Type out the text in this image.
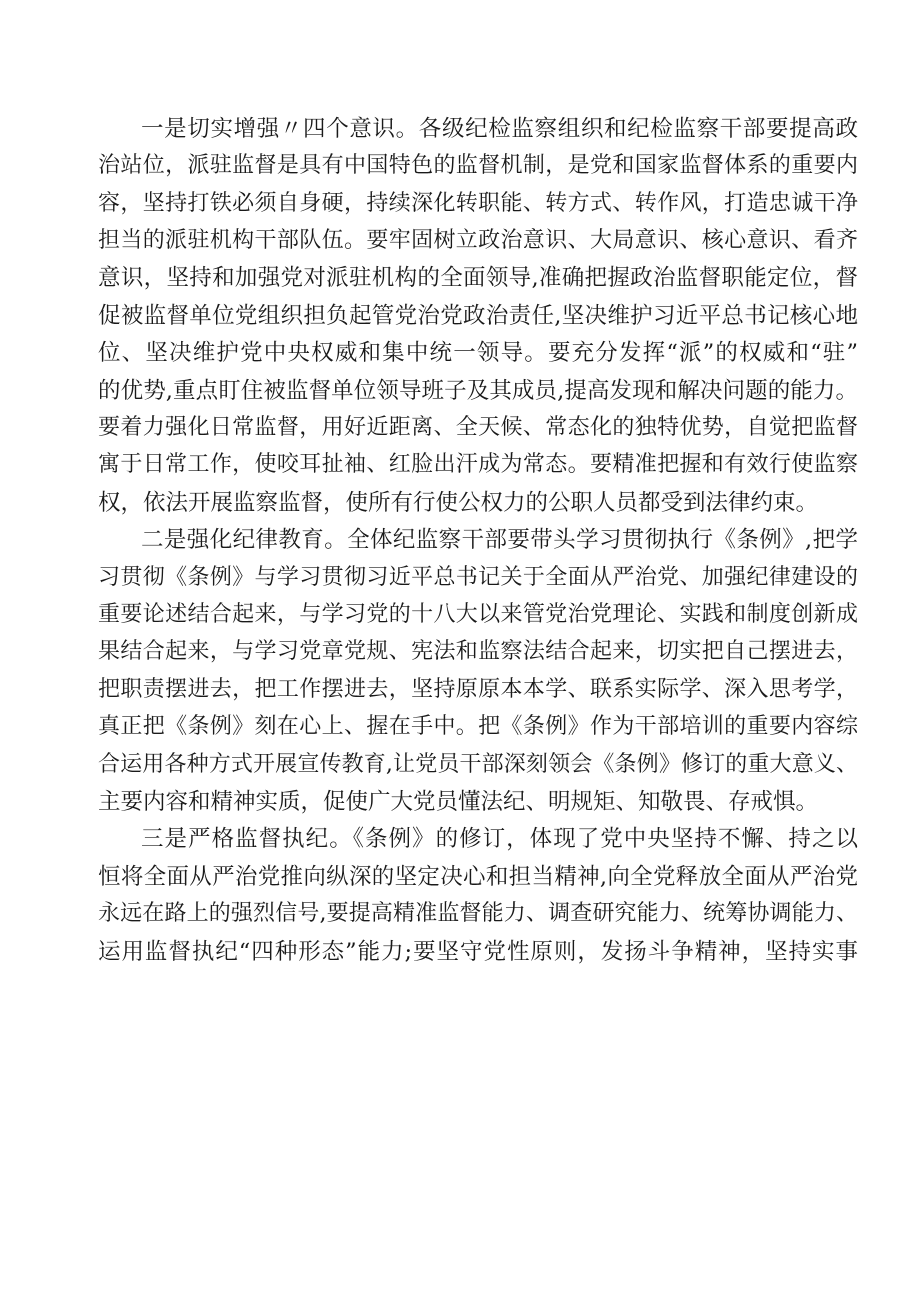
一是切实增强〃四个意识。各级纪检监察组织和纪检监察干部要提高政
治站位，派驻监督是具有中国特色的监督机制，是党和国家监督体系的重要内
容，坚持打铁必须自身硬，持续深化转职能、转方式、转作风，打造忠诚干净
担当的派驻机构干部队伍。要牢固树立政治意识、大局意识、核心意识、看齐
意识，坚持和加强党对派驻机构的全面领导,准确把握政治监督职能定位，督
促被监督单位党组织担负起管党治党政治责任,坚决维护习近平总书记核心地
位、坚决维护党中央权威和集中统一领导。要充分发挥“派”的权威和“驻”
的优势,重点盯住被监督单位领导班子及其成员,提高发现和解决问题的能力。
要着力强化日常监督，用好近距离、全天候、常态化的独特优势，自觉把监督
寓于日常工作，使咬耳扯袖、红脸出汗成为常态。要精准把握和有效行使监察
权，依法开展监察监督，使所有行使公权力的公职人员都受到法律约束。
二是强化纪律教育。全体纪监察干部要带头学习贯彻执行《条例》,把学
习贯彻《条例》与学习贯彻习近平总书记关于全面从严治党、加强纪律建设的
重要论述结合起来，与学习党的十八大以来管党治党理论、实践和制度创新成
果结合起来，与学习党章党规、宪法和监察法结合起来，切实把自己摆进去，
把职责摆进去，把工作摆进去，坚持原原本本学、联系实际学、深入思考学，
真正把《条例》刻在心上、握在手中。把《条例》作为干部培训的重要内容综
合运用各种方式开展宣传教育,让党员干部深刻领会《条例》修订的重大意义、
主要内容和精神实质，促使广大党员懂法纪、明规矩、知敬畏、存戒惧。
三是严格监督执纪。《条例》的修订，体现了党中央坚持不懈、持之以
恒将全面从严治党推向纵深的坚定决心和担当精神,向全党释放全面从严治党
永远在路上的强烈信号,要提高精准监督能力、调查研究能力、统筹协调能力、
运用监督执纪“四种形态”能力;要坚守党性原则，发扬斗争精神，坚持实事
